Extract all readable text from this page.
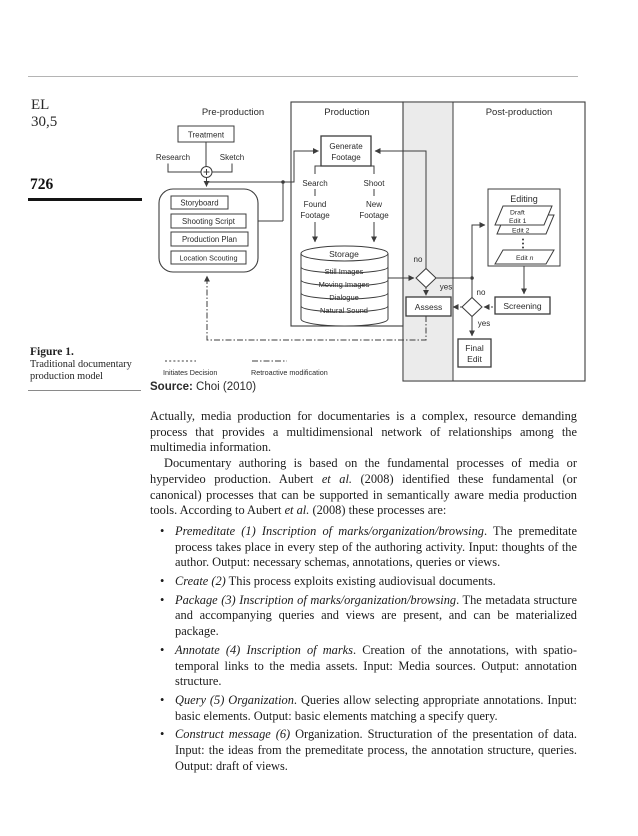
EL
30,5
726
Figure 1.
Traditional documentary
production model
Pre-production	Production	Post-production
Treatment
Research	Sketch
Storyboard
Shooting Script
Production Plan
Location Scouting
Generate
Footage
Search	Shoot
Found
Footage
New
Footage
Storage
Still Images
Moving Images
Dialogue
Natural Sound
no
yes
Assess
no
yes
Editing
Draft
Edit 1
Edit 2
Edit n
Screening
Final
Edit
Initiates Decision	Retroactive modification
Source: Choi (2010)

Actually, media production for documentaries is a complex, resource demanding process that provides a multidimensional network of relationships among the multimedia information.

Documentary authoring is based on the fundamental processes of media or hypervideo production. Aubert et al. (2008) identified these fundamental (or canonical) processes that can be supported in semantically aware media production tools. According to Aubert et al. (2008) these processes are:

• Premeditate (1) Inscription of marks/organization/browsing. The premeditate process takes place in every step of the authoring activity. Input: thoughts of the author. Output: necessary schemas, annotations, queries or views.
• Create (2) This process exploits existing audiovisual documents.
• Package (3) Inscription of marks/organization/browsing. The metadata structure and accompanying queries and views are present, and can be materialized package.
• Annotate (4) Inscription of marks. Creation of the annotations, with spatio-temporal links to the media assets. Input: Media sources. Output: annotation structure.
• Query (5) Organization. Queries allow selecting appropriate annotations. Input: basic elements. Output: basic elements matching a specify query.
• Construct message (6) Organization. Structuration of the presentation of data. Input: the ideas from the premeditate process, the annotation structure, queries. Output: draft of views.
